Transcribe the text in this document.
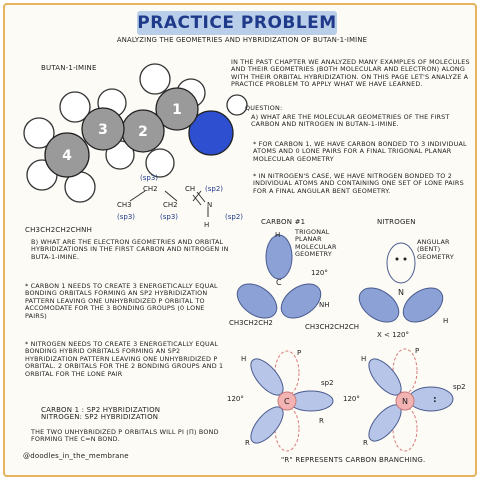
PRACTICE PROBLEM
ANALYZING THE GEOMETRIES AND HYBRIDIZATION OF BUTAN-1-IMINE
BUTAN-1-IMINE
4
3 2
1
CH2	CH (sp2)
CH3	CH2	N
(sp2)
(sp3)
(sp3)	(sp3)
H
CH3CH2CH2CHNH
IN THE PAST CHAPTER WE ANALYZED MANY EXAMPLES OF MOLECULES AND THEIR GEOMETRIES (BOTH MOLECULAR AND ELECTRON) ALONG WITH THEIR ORBITAL HYBRIDIZATION. ON THIS PAGE LET'S ANALYZE A PRACTICE PROBLEM TO APPLY WHAT WE HAVE LEARNED.
QUESTION:
A) WHAT ARE THE MOLECULAR GEOMETRIES OF THE FIRST CARBON AND NITROGEN IN BUTAN-1-IMINE.
* FOR CARBON 1, WE HAVE CARBON BONDED TO 3 INDIVIDUAL ATOMS AND 0 LONE PAIRS FOR A FINAL TRIGONAL PLANAR MOLECULAR GEOMETRY
* IN NITROGEN'S CASE, WE HAVE NITROGEN BONDED TO 2 INDIVIDUAL ATOMS AND CONTAINING ONE SET OF LONE PAIRS FOR A FINAL ANGULAR BENT GEOMETRY.
B) WHAT ARE THE ELECTRON GEOMETRIES AND ORBITAL HYBRIDIZATIONS IN THE FIRST CARBON AND NITROGEN IN BUTA-1-IMINE.
* CARBON 1 NEEDS TO CREATE 3 ENERGETICALLY EQUAL BONDING ORBITALS FORMING AN SP2 HYBRIDIZATION PATTERN LEAVING ONE UNHYBRIDIZED P ORBITAL TO ACCOMODATE FOR THE 3 BONDING GROUPS (0 LONE PAIRS)
* NITROGEN NEEDS TO CREATE 3 ENERGETICALLY EQUAL BONDING HYBRID ORBITALS FORMING AN SP2 HYBRIDIZATION PATTERN LEAVING ONE UNHYBRIDIZED P ORBITAL. 2 ORBITALS FOR THE 2 BONDING GROUPS AND 1 ORBITAL FOR THE LONE PAIR
CARBON 1 : SP2 HYBRIDIZATION
NITROGEN: SP2 HYBRIDIZATION
THE TWO UNHYBRIDIZED P ORBITALS WILL PI (Π) BOND FORMING THE C=N BOND.
@doodles_in_the_membrane
CARBON #1	NITROGEN
TRIGONAL PLANAR MOLECULAR GEOMETRY
ANGULAR (BENT) GEOMETRY
C
H
120°
NH
CH3CH2CH2
N
H
CH3CH2CH2CH
X < 120°
C
H
P
sp2
R
R
120°	N	:
H
P
sp2
R
120°
"R" REPRESENTS CARBON BRANCHING.
